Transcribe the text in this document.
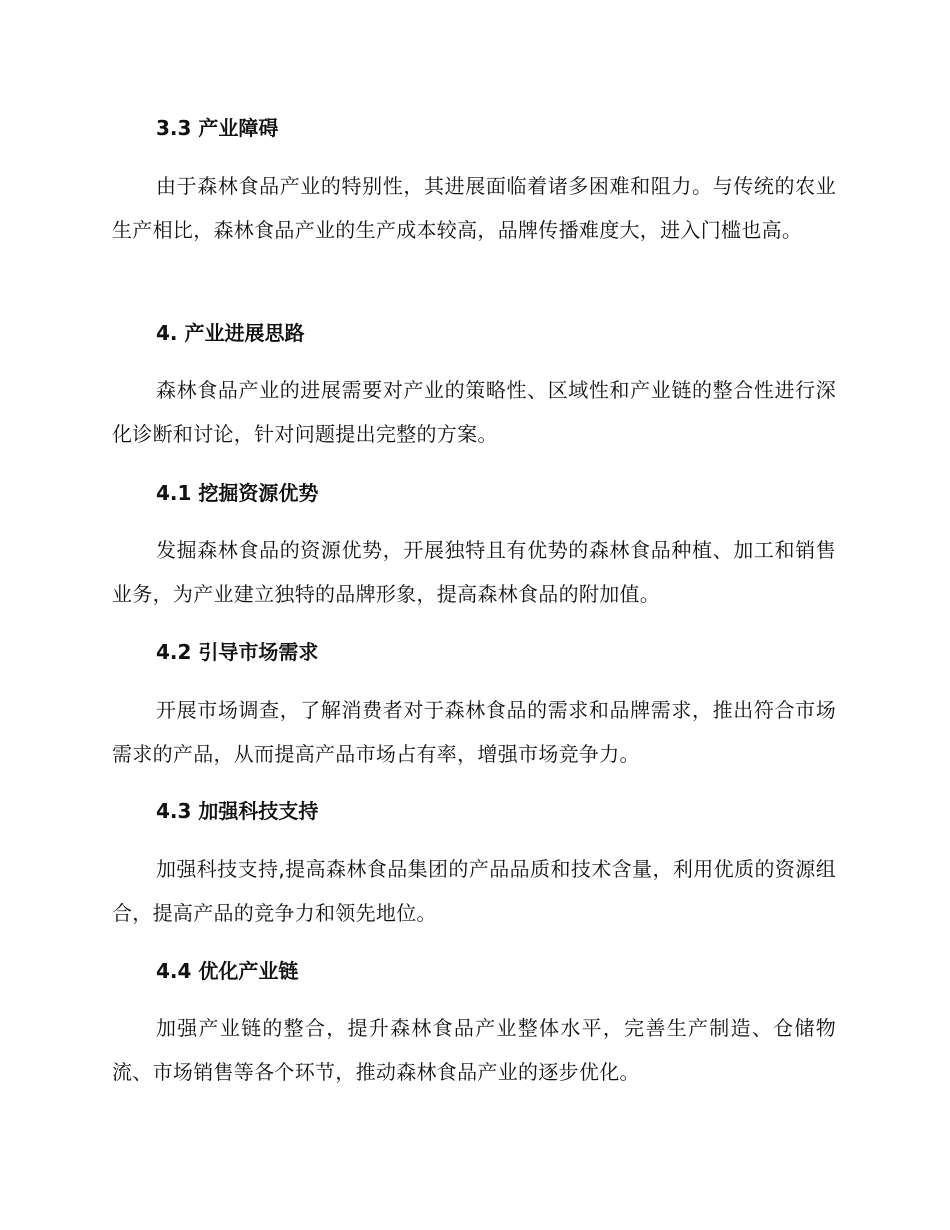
3.3 产业障碍
由于森林食品产业的特别性，其进展面临着诸多困难和阻力。与传统的农业生产相比，森林食品产业的生产成本较高，品牌传播难度大，进入门槛也高。
4. 产业进展思路
森林食品产业的进展需要对产业的策略性、区域性和产业链的整合性进行深化诊断和讨论，针对问题提出完整的方案。
4.1 挖掘资源优势
发掘森林食品的资源优势，开展独特且有优势的森林食品种植、加工和销售业务，为产业建立独特的品牌形象，提高森林食品的附加值。
4.2 引导市场需求
开展市场调查，了解消费者对于森林食品的需求和品牌需求，推出符合市场需求的产品，从而提高产品市场占有率，增强市场竞争力。
4.3 加强科技支持
加强科技支持,提高森林食品集团的产品品质和技术含量，利用优质的资源组合，提高产品的竞争力和领先地位。
4.4 优化产业链
加强产业链的整合，提升森林食品产业整体水平，完善生产制造、仓储物流、市场销售等各个环节，推动森林食品产业的逐步优化。
